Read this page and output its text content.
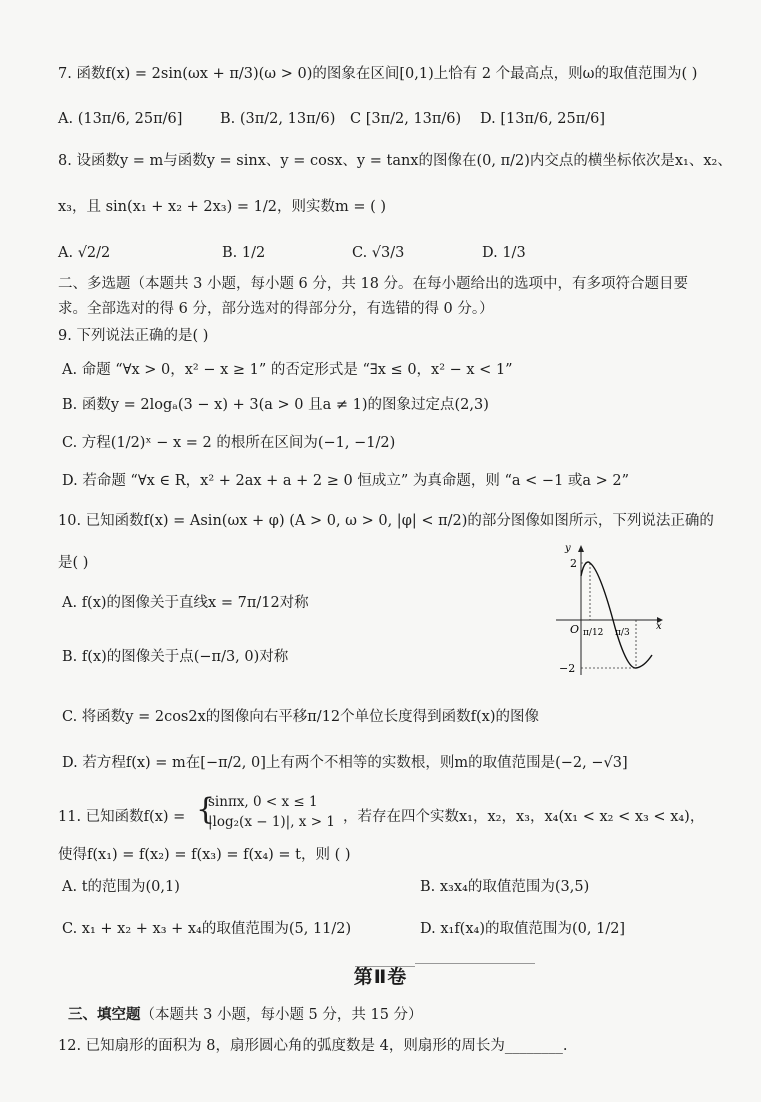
7. 函数f(x) = 2sin(ωx + π/3)(ω > 0)的图象在区间[0,1)上恰有 2 个最高点，则ω的取值范围为( )
A. (13π/6, 25π/6]	B. (3π/2, 13π/6) C [3π/2, 13π/6) D. [13π/6, 25π/6]
8. 设函数y = m与函数y = sinx、y = cosx、y = tanx的图像在(0, π/2)内交点的横坐标依次是x₁、x₂、
x₃，且 sin(x₁ + x₂ + 2x₃) = 1/2，则实数m = ( )
A. √2/2	B. 1/2	C. √3/3	D. 1/3
二、多选题（本题共 3 小题，每小题 6 分，共 18 分。在每小题给出的选项中，有多项符合题目要
求。全部选对的得 6 分，部分选对的得部分分，有选错的得 0 分。）
9. 下列说法正确的是( )
A. 命题 “∀x > 0，x² − x ≥ 1” 的否定形式是 “∃x ≤ 0，x² − x < 1”
B. 函数y = 2logₐ(3 − x) + 3(a > 0 且a ≠ 1)的图象过定点(2,3)
C. 方程(1/2)ˣ − x = 2 的根所在区间为(−1, −1/2)
D. 若命题 “∀x ∈ R，x² + 2ax + a + 2 ≥ 0 恒成立” 为真命题，则 “a < −1 或a > 2”
10. 已知函数f(x) = Asin(ωx + φ) (A > 0, ω > 0, |φ| < π/2)的部分图像如图所示，下列说法正确的
是( )
A. f(x)的图像关于直线x = 7π/12对称
B. f(x)的图像关于点(−π/3, 0)对称
C. 将函数y = 2cos2x的图像向右平移π/12个单位长度得到函数f(x)的图像
D. 若方程f(x) = m在[−π/2, 0]上有两个不相等的实数根，则m的取值范围是(−2, −√3]
y
x
O
2
−2
π/12 π/3
11. 已知函数f(x) = {
sinπx, 0 < x ≤ 1
|log₂(x − 1)|, x > 1 ，若存在四个实数x₁，x₂，x₃，x₄(x₁ < x₂ < x₃ < x₄)，
使得f(x₁) = f(x₂) = f(x₃) = f(x₄) = t，则 ( )
A. t的范围为(0,1)	B. x₃x₄的取值范围为(3,5)
C. x₁ + x₂ + x₃ + x₄的取值范围为(5, 11/2)	D. x₁f(x₄)的取值范围为(0, 1/2]
第Ⅱ卷
三、填空题（本题共 3 小题，每小题 5 分，共 15 分）
12. 已知扇形的面积为 8，扇形圆心角的弧度数是 4，则扇形的周长为________.
